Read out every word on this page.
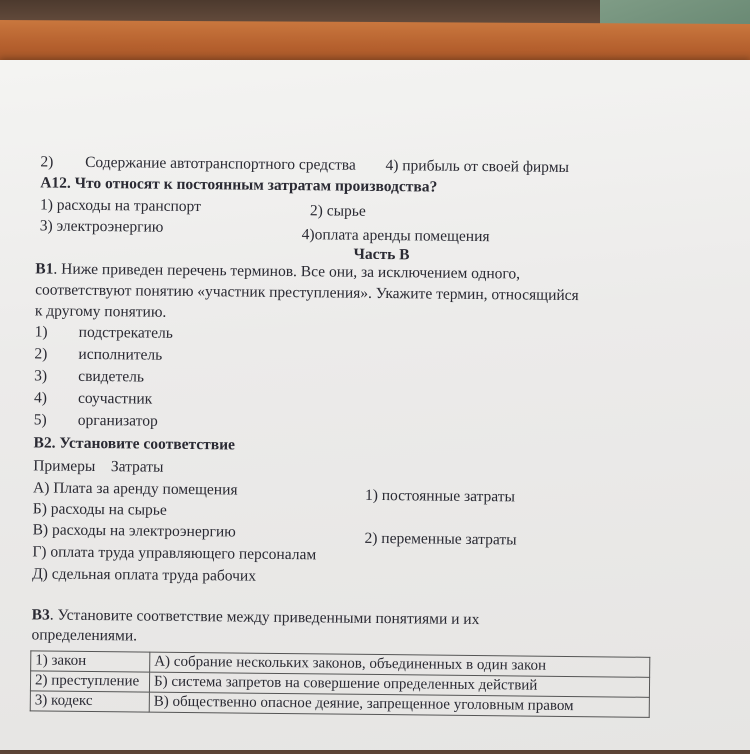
2) Содержание автотранспортного средства 4) прибыль от своей фирмы
А12. Что относят к постоянным затратам производства?
1) расходы на транспорт	2) сырье
3) электроэнергию	4)оплата аренды помещения
Часть В
В1. Ниже приведен перечень терминов. Все они, за исключением одного,
соответствуют понятию «участник преступления». Укажите термин, относящийся
к другому понятию.
1) подстрекатель
2) исполнитель
3) свидетель
4) соучастник
5) организатор
В2. Установите соответствие
Примеры    Затраты
А) Плата за аренду помещения	1) постоянные затраты
Б) расходы на сырье
В) расходы на электроэнергию	2) переменные затраты
Г) оплата труда управляющего персоналам
Д) сдельная оплата труда рабочих
В3. Установите соответствие между приведенными понятиями и их
определениями.
1) закон	А) собрание нескольких законов, объединенных в один закон
2) преступление	Б) система запретов на совершение определенных действий
3) кодекс	В) общественно опасное деяние, запрещенное уголовным правом
